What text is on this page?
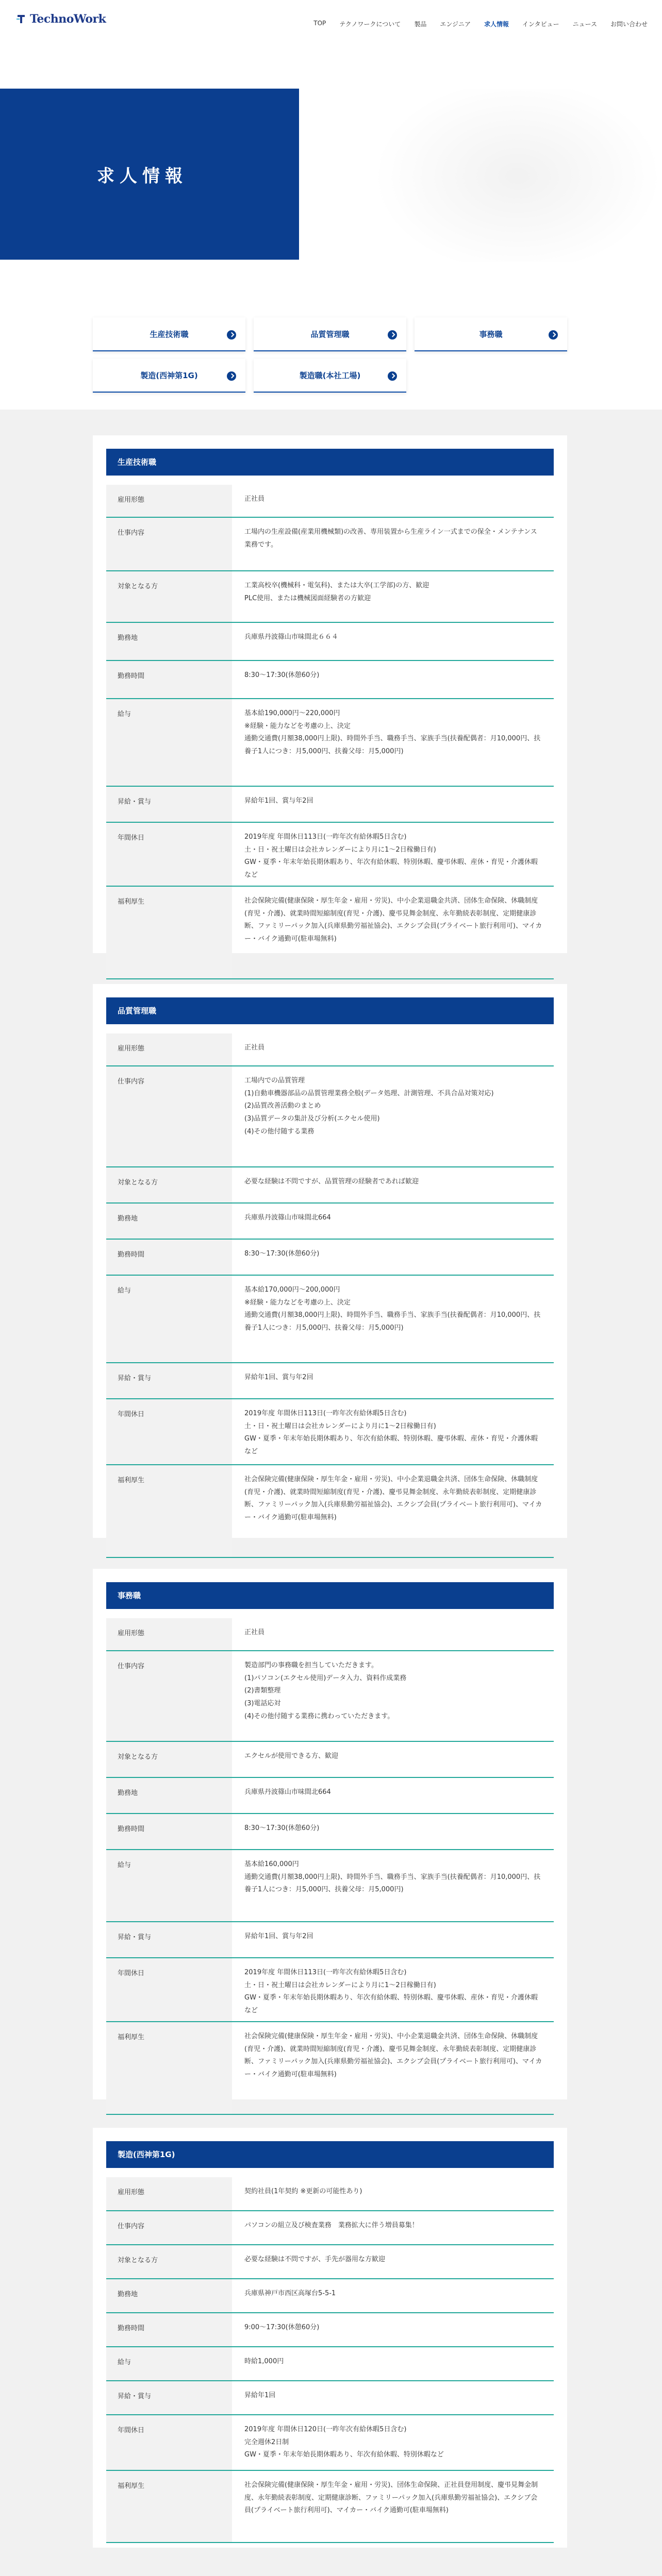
TechnoWork	TOP テクノワークについて 製品 エンジニア 求人情報 インタビュー ニュース お問い合わせ
求人情報
生産技術職	品質管理職	事務職
製造(西神第1G)	製造職(本社工場)
生産技術職
雇用形態	正社員
仕事内容	工場内の生産設備(産業用機械類)の改善、専用装置から生産ライン一式までの保全・メンテナンス業務です。
対象となる方	工業高校卒(機械科・電気科)、または大卒(工学部)の方、歓迎
PLC使用、または機械図面経験者の方歓迎
勤務地	兵庫県丹波篠山市味間北６６４
勤務時間	8:30〜17:30(休憩60分)
給与	基本給190,000円〜220,000円
※経験・能力などを考慮の上、決定
通勤交通費(月額38,000円上限)、時間外手当、職務手当、家族手当(扶養配偶者：月10,000円、扶養子1人につき：月5,000円、扶養父母：月5,000円)
昇給・賞与	昇給年1回、賞与年2回
年間休日	2019年度 年間休日113日(一昨年次有給休暇5日含む)
土・日・祝土曜日は会社カレンダーにより月に1〜2日稼働日有)
GW・夏季・年末年始長期休暇あり、年次有給休暇、特別休暇、慶弔休暇、産休・育児・介護休暇など
福利厚生	社会保険完備(健康保険・厚生年金・雇用・労災)、中小企業退職金共済、団体生命保険、休職制度(育児・介護)、就業時間短縮制度(育児・介護)、慶弔見舞金制度、永年勤続表彰制度、定期健康診断、ファミリーパック加入(兵庫県勤労福祉協会)、エクシブ会員(プライベート旅行利用可)、マイカー・バイク通勤可(駐車場無料)
品質管理職
雇用形態	正社員
仕事内容	工場内での品質管理
(1)自動車機器部品の品質管理業務全般(データ処理、計測管理、不具合品対策対応)
(2)品質改善活動のまとめ
(3)品質データの集計及び分析(エクセル使用)
(4)その他付随する業務
対象となる方	必要な経験は不問ですが、品質管理の経験者であれば歓迎
勤務地	兵庫県丹波篠山市味間北664
勤務時間	8:30〜17:30(休憩60分)
給与	基本給170,000円〜200,000円
※経験・能力などを考慮の上、決定
通勤交通費(月額38,000円上限)、時間外手当、職務手当、家族手当(扶養配偶者：月10,000円、扶養子1人につき：月5,000円、扶養父母：月5,000円)
昇給・賞与	昇給年1回、賞与年2回
年間休日	2019年度 年間休日113日(一昨年次有給休暇5日含む)
土・日・祝土曜日は会社カレンダーにより月に1〜2日稼働日有)
GW・夏季・年末年始長期休暇あり、年次有給休暇、特別休暇、慶弔休暇、産休・育児・介護休暇など
福利厚生	社会保険完備(健康保険・厚生年金・雇用・労災)、中小企業退職金共済、団体生命保険、休職制度(育児・介護)、就業時間短縮制度(育児・介護)、慶弔見舞金制度、永年勤続表彰制度、定期健康診断、ファミリーパック加入(兵庫県勤労福祉協会)、エクシブ会員(プライベート旅行利用可)、マイカー・バイク通勤可(駐車場無料)
事務職
雇用形態	正社員
仕事内容	製造部門の事務職を担当していただきます。
(1)パソコン(エクセル使用)データ入力、資料作成業務
(2)書類整理
(3)電話応対
(4)その他付随する業務に携わっていただきます。
対象となる方	エクセルが使用できる方、歓迎
勤務地	兵庫県丹波篠山市味間北664
勤務時間	8:30〜17:30(休憩60分)
給与	基本給160,000円
通勤交通費(月額38,000円上限)、時間外手当、職務手当、家族手当(扶養配偶者：月10,000円、扶養子1人につき：月5,000円、扶養父母：月5,000円)
昇給・賞与	昇給年1回、賞与年2回
年間休日	2019年度 年間休日113日(一昨年次有給休暇5日含む)
土・日・祝土曜日は会社カレンダーにより月に1〜2日稼働日有)
GW・夏季・年末年始長期休暇あり、年次有給休暇、特別休暇、慶弔休暇、産休・育児・介護休暇など
福利厚生	社会保険完備(健康保険・厚生年金・雇用・労災)、中小企業退職金共済、団体生命保険、休職制度(育児・介護)、就業時間短縮制度(育児・介護)、慶弔見舞金制度、永年勤続表彰制度、定期健康診断、ファミリーパック加入(兵庫県勤労福祉協会)、エクシブ会員(プライベート旅行利用可)、マイカー・バイク通勤可(駐車場無料)
製造(西神第1G)
雇用形態	契約社員(1年契約 ※更新の可能性あり)
仕事内容	パソコンの組立及び検査業務　業務拡大に伴う増員募集！
対象となる方	必要な経験は不問ですが、手先が器用な方歓迎
勤務地	兵庫県神戸市西区高塚台5-5-1
勤務時間	9:00〜17:30(休憩60分)
給与	時給1,000円
昇給・賞与	昇給年1回
年間休日	2019年度 年間休日120日(一昨年次有給休暇5日含む)
完全週休2日制
GW・夏季・年末年始長期休暇あり、年次有給休暇、特別休暇など
福利厚生	社会保険完備(健康保険・厚生年金・雇用・労災)、団体生命保険、正社員登用制度、慶弔見舞金制度、永年勤続表彰制度、定期健康診断、ファミリーパック加入(兵庫県勤労福祉協会)、エクシブ会員(プライベート旅行利用可)、マイカー・バイク通勤可(駐車場無料)
